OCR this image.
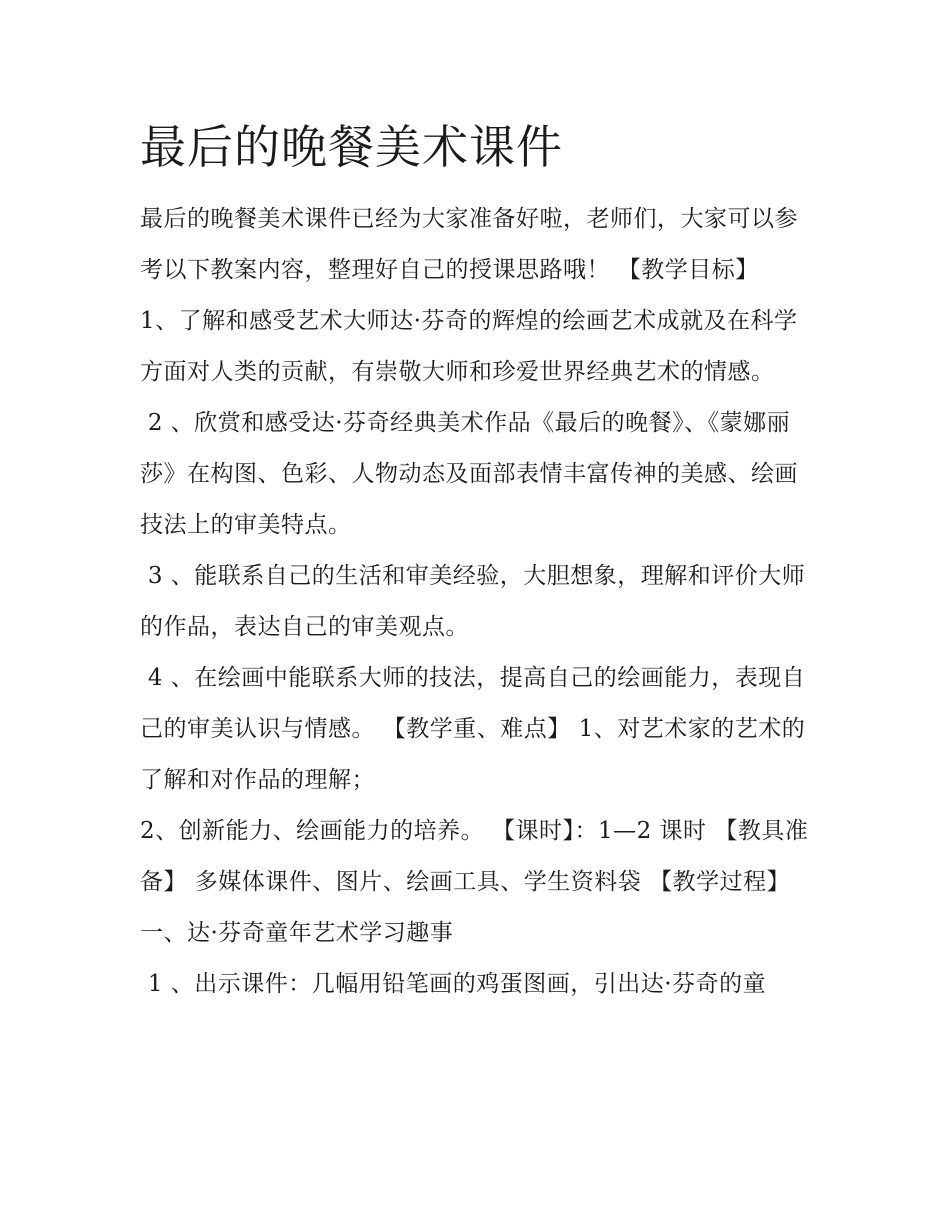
最后的晚餐美术课件

最后的晚餐美术课件已经为大家准备好啦，老师们，大家可以参考以下教案内容，整理好自己的授课思路哦！ 【教学目标】

1、了解和感受艺术大师达·芬奇的辉煌的绘画艺术成就及在科学方面对人类的贡献，有崇敬大师和珍爱世界经典艺术的情感。

2 、欣赏和感受达·芬奇经典美术作品《最后的晚餐》、《蒙娜丽莎》在构图、色彩、人物动态及面部表情丰富传神的美感、绘画技法上的审美特点。

3 、能联系自己的生活和审美经验，大胆想象，理解和评价大师的作品，表达自己的审美观点。

4 、在绘画中能联系大师的技法，提高自己的绘画能力，表现自己的审美认识与情感。 【教学重、难点】 1、对艺术家的艺术的了解和对作品的理解；

2、创新能力、绘画能力的培养。 【课时】：1—2 课时 【教具准备】 多媒体课件、图片、绘画工具、学生资料袋 【教学过程】 一、达·芬奇童年艺术学习趣事

1 、出示课件：几幅用铅笔画的鸡蛋图画，引出达·芬奇的童
